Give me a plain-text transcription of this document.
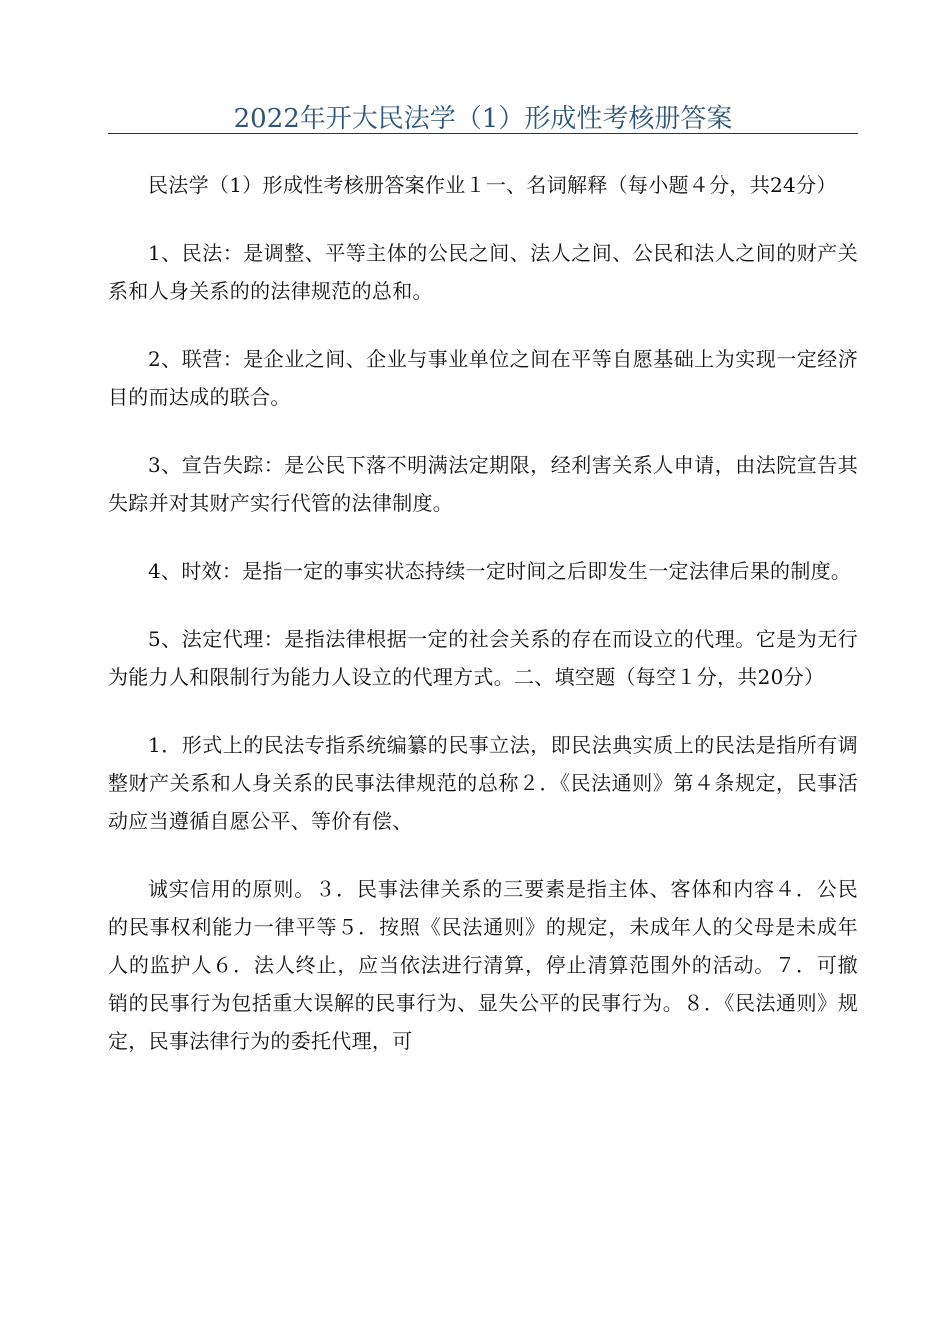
2022年开大民法学（1）形成性考核册答案

民法学（1）形成性考核册答案作业１一、名词解释（每小题４分，共24分）

1、民法：是调整、平等主体的公民之间、法人之间、公民和法人之间的财产关系和人身关系的的法律规范的总和。

2、联营：是企业之间、企业与事业单位之间在平等自愿基础上为实现一定经济目的而达成的联合。

3、宣告失踪：是公民下落不明满法定期限，经利害关系人申请，由法院宣告其失踪并对其财产实行代管的法律制度。

4、时效：是指一定的事实状态持续一定时间之后即发生一定法律后果的制度。

5、法定代理：是指法律根据一定的社会关系的存在而设立的代理。它是为无行为能力人和限制行为能力人设立的代理方式。二、填空题（每空１分，共20分）

1．形式上的民法专指系统编纂的民事立法，即民法典实质上的民法是指所有调整财产关系和人身关系的民事法律规范的总称２．《民法通则》第４条规定，民事活动应当遵循自愿公平、等价有偿、

诚实信用的原则。３．民事法律关系的三要素是指主体、客体和内容４．公民的民事权利能力一律平等５．按照《民法通则》的规定，未成年人的父母是未成年人的监护人６．法人终止，应当依法进行清算，停止清算范围外的活动。７．可撤销的民事行为包括重大误解的民事行为、显失公平的民事行为。８．《民法通则》规定，民事法律行为的委托代理，可
